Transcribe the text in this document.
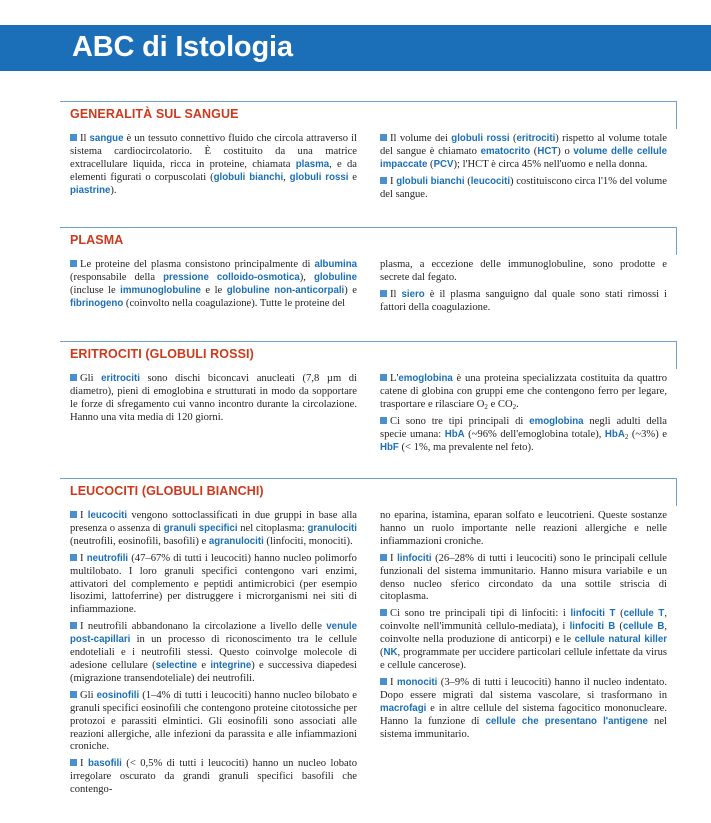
ABC di Istologia
GENERALITÀ SUL SANGUE

Il sangue è un tessuto connettivo fluido che circola attraverso il sistema cardiocircolatorio. È costituito da una matrice extracellulare liquida, ricca in proteine, chiamata plasma, e da elementi figurati o corpuscolati (globuli bianchi, globuli rossi e piastrine).

Il volume dei globuli rossi (eritrociti) rispetto al volume totale del sangue è chiamato ematocrito (HCT) o volume delle cellule impaccate (PCV); l'HCT è circa 45% nell'uomo e nella donna.

I globuli bianchi (leucociti) costituiscono circa l'1% del volume del sangue.

PLASMA

Le proteine del plasma consistono principalmente di albumina (responsabile della pressione colloido-osmotica), globuline (incluse le immunoglobuline e le globuline non-anticorpali) e fibrinogeno (coinvolto nella coagulazione). Tutte le proteine del

plasma, a eccezione delle immunoglobuline, sono prodotte e secrete dal fegato.

Il siero è il plasma sanguigno dal quale sono stati rimossi i fattori della coagulazione.

ERITROCITI (GLOBULI ROSSI)

Gli eritrociti sono dischi biconcavi anucleati (7,8 µm di diametro), pieni di emoglobina e strutturati in modo da sopportare le forze di sfregamento cui vanno incontro durante la circolazione. Hanno una vita media di 120 giorni.

L'emoglobina è una proteina specializzata costituita da quattro catene di globina con gruppi eme che contengono ferro per legare, trasportare e rilasciare $O_2$ e $CO_2$.

Ci sono tre tipi principali di emoglobina negli adulti della specie umana: HbA (~96% dell'emoglobina totale), HbA$_2$ (~3%) e HbF (< 1%, ma prevalente nel feto).

LEUCOCITI (GLOBULI BIANCHI)

I leucociti vengono sottoclassificati in due gruppi in base alla presenza o assenza di granuli specifici nel citoplasma: granulociti (neutrofili, eosinofili, basofili) e agranulociti (linfociti, monociti).

I neutrofili (47–67% di tutti i leucociti) hanno nucleo polimorfo multilobato. I loro granuli specifici contengono vari enzimi, attivatori del complemento e peptidi antimicrobici (per esempio lisozimi, lattoferrine) per distruggere i microrganismi nei siti di infiammazione.

I neutrofili abbandonano la circolazione a livello delle venule post-capillari in un processo di riconoscimento tra le cellule endoteliali e i neutrofili stessi. Questo coinvolge molecole di adesione cellulare (selectine e integrine) e successiva diapedesi (migrazione transendoteliale) dei neutrofili.

Gli eosinofili (1–4% di tutti i leucociti) hanno nucleo bilobato e granuli specifici eosinofili che contengono proteine citotossiche per protozoi e parassiti elmintici. Gli eosinofili sono associati alle reazioni allergiche, alle infezioni da parassita e alle infiammazioni croniche.

I basofili (< 0,5% di tutti i leucociti) hanno un nucleo lobato irregolare oscurato da grandi granuli specifici basofili che contengo-

no eparina, istamina, eparan solfato e leucotrieni. Queste sostanze hanno un ruolo importante nelle reazioni allergiche e nelle infiammazioni croniche.

I linfociti (26–28% di tutti i leucociti) sono le principali cellule funzionali del sistema immunitario. Hanno misura variabile e un denso nucleo sferico circondato da una sottile striscia di citoplasma.

Ci sono tre principali tipi di linfociti: i linfociti T (cellule T, coinvolte nell'immunità cellulo-mediata), i linfociti B (cellule B, coinvolte nella produzione di anticorpi) e le cellule natural killer (NK, programmate per uccidere particolari cellule infettate da virus e cellule cancerose).

I monociti (3–9% di tutti i leucociti) hanno il nucleo indentato. Dopo essere migrati dal sistema vascolare, si trasformano in macrofagi e in altre cellule del sistema fagocitico mononucleare. Hanno la funzione di cellule che presentano l'antigene nel sistema immunitario.
